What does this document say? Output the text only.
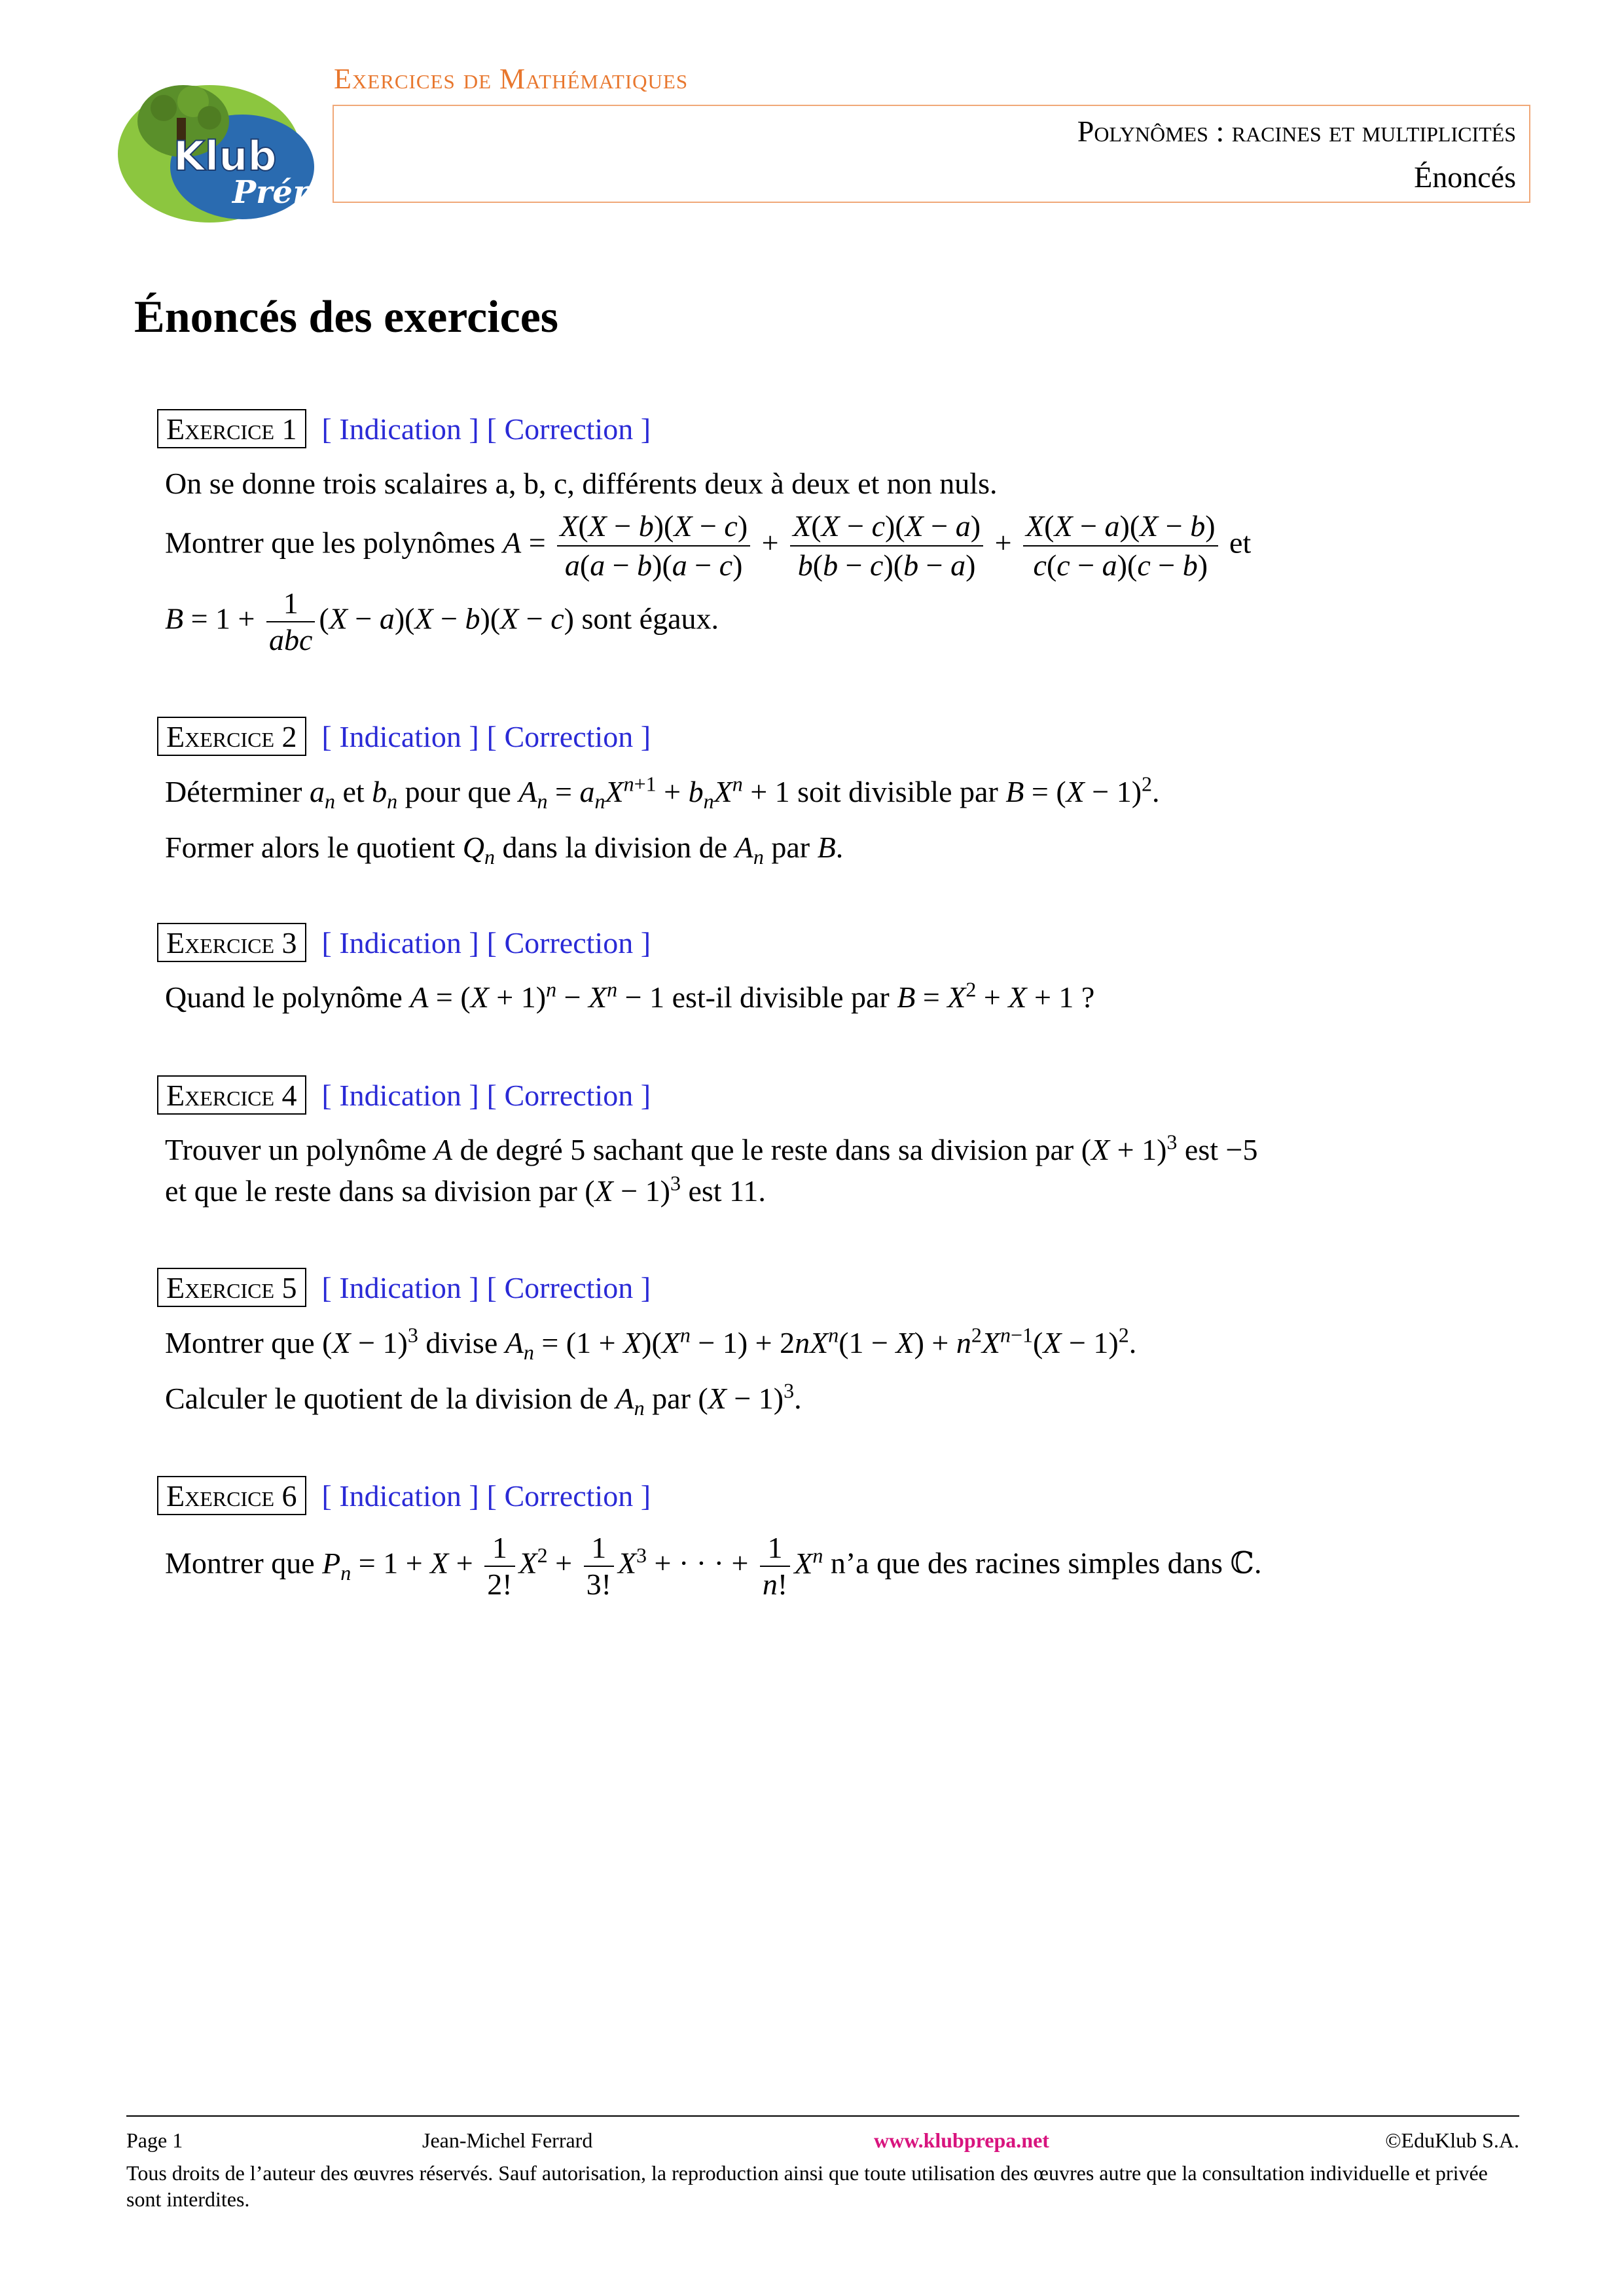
Klub
Prépa
Exercices de Mathématiques
Polynômes : racines et multiplicités
Énoncés
Énoncés des exercices
Exercice 1 [ Indication ] [ Correction ]
On se donne trois scalaires a, b, c, différents deux à deux et non nuls.
Montrer que les polynômes $A = \frac{X(X - b)(X - c)}{a(a - b)(a - c)} + \frac{X(X - c)(X - a)}{b(b - c)(b - a)} + \frac{X(X - a)(X - b)}{c(c - a)(c - b)}$ et
$B = 1 + \frac{1}{\text{abc}} (X - a)(X - b)(X - c)$ sont égaux.
Exercice 2 [ Indication ] [ Correction ]
Déterminer $a_n$ et $b_n$ pour que $A_n = a_nX^{n+1} + b_nX^n + 1$ soit divisible par $B = (X - 1)^2$.
Former alors le quotient $Q_n$ dans la division de $A_n$ par B.
Exercice 3 [ Indication ] [ Correction ]
Quand le polynôme $A = (X + 1)^n - X^n - 1$ est-il divisible par $B = X^2 + X + 1$ ?
Exercice 4 [ Indication ] [ Correction ]
Trouver un polynôme A de degré 5 sachant que le reste dans sa division par $(X + 1)^3$ est −5
et que le reste dans sa division par $(X - 1)^3$ est 11.
Exercice 5 [ Indication ] [ Correction ]
Montrer que $(X - 1)^3$ divise $A_n = (1 + X)(X^n - 1) + 2nX^n(1 - X) + n^2X^{n-1}(X - 1)^2$.
Calculer le quotient de la division de $A_n$ par $(X - 1)^3$.
Exercice 6 [ Indication ] [ Correction ]
Montrer que $P_n = 1 + X + \frac{1}{2!} X^2 + \frac{1}{3!} X^3$ + · · · + $\frac{1}{n!} X^n$ n’a que des racines simples dans ℂ.
Page 1	Jean-Michel Ferrard	www.klubprepa.net	©EduKlub S.A.
Tous droits de l’auteur des œuvres réservés. Sauf autorisation, la reproduction ainsi que toute utilisation des œuvres autre que la consultation individuelle et privée sont interdites.
